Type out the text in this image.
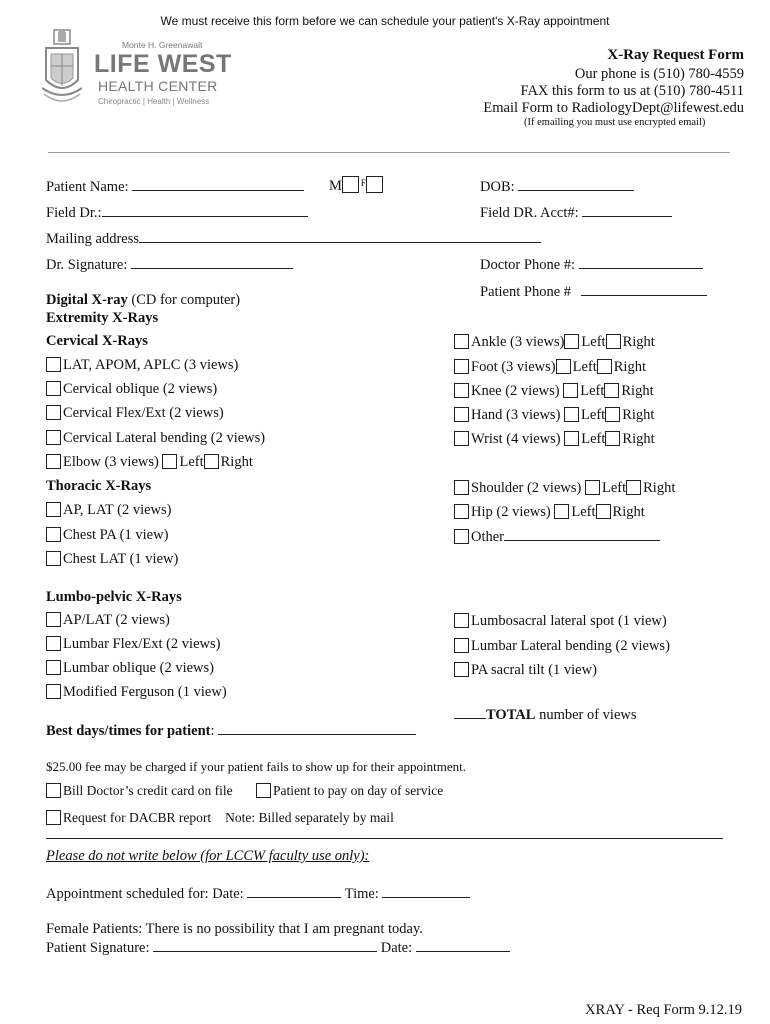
We must receive this form before we can schedule your patient's X-Ray appointment
Monte H. Greenawalt
LIFE WEST
HEALTH CENTER
Chiropractic | Health | Wellness
X-Ray Request Form
Our phone is (510) 780-4559
FAX this form to us at (510) 780-4511
Email Form to RadiologyDept@lifewest.edu
(If emailing you must use encrypted email)
Patient Name:	M $^F$	DOB:
Field Dr.:	Field DR. Acct#:
Mailing address
Dr. Signature:	Doctor Phone #:
Patient Phone #
Digital X-ray (CD for computer)
Extremity X-Rays
Cervical X-Rays
LAT, APOM, APLC (3 views)
Cervical oblique (2 views)
Cervical Flex/Ext (2 views)
Cervical Lateral bending (2 views)
Elbow (3 views) Left Right
Thoracic X-Rays
AP, LAT (2 views)
Chest PA (1 view)
Chest LAT (1 view)
Lumbo-pelvic X-Rays
AP/LAT (2 views)
Lumbar Flex/Ext (2 views)
Lumbar oblique (2 views)
Modified Ferguson (1 view)
Ankle (3 views) Left Right
Foot (3 views) Left Right
Knee (2 views) Left Right
Hand (3 views) Left Right
Wrist (4 views) Left Right
Shoulder (2 views) Left Right
Hip (2 views) Left Right
Other
Lumbosacral lateral spot (1 view)
Lumbar Lateral bending (2 views)
PA sacral tilt (1 view)
TOTAL number of views
Best days/times for patient:
$25.00 fee may be charged if your patient fails to show up for their appointment.
Bill Doctor’s credit card on file	Patient to pay on day of service
Request for DACBR report Note: Billed separately by mail
Please do not write below (for LCCW faculty use only):
Appointment scheduled for: Date:	Time:
Female Patients: There is no possibility that I am pregnant today.
Patient Signature:	Date:
XRAY - Req Form 9.12.19
